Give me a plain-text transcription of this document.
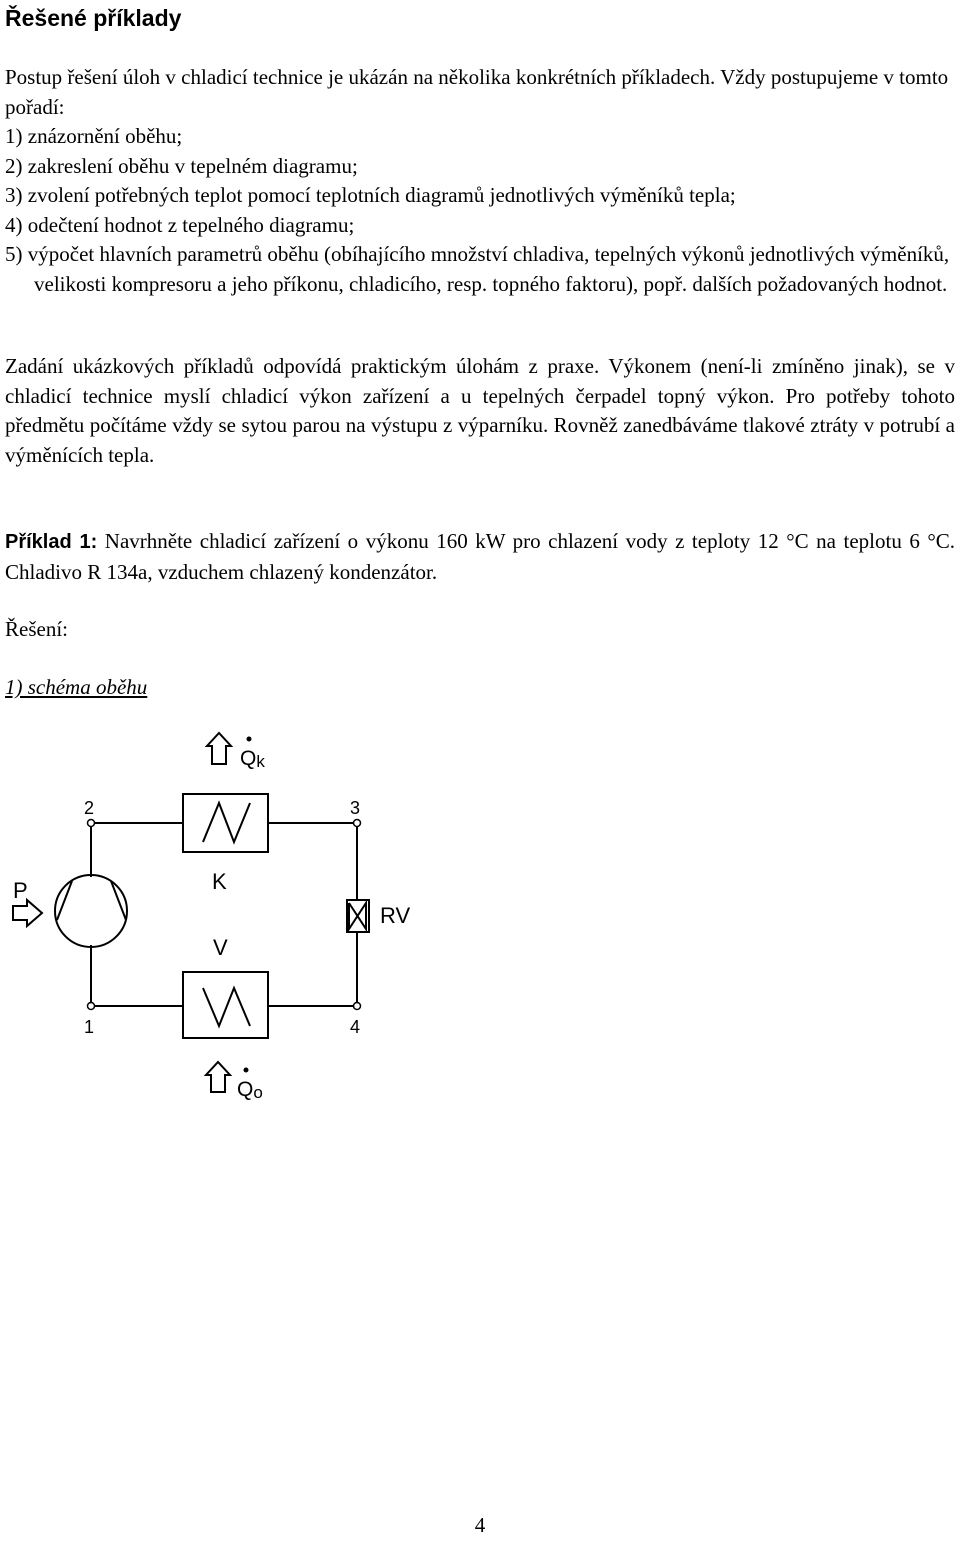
Řešené příklady

Postup řešení úloh v chladicí technice je ukázán na několika konkrétních příkladech. Vždy postupujeme v tomto pořadí:

1) znázornění oběhu;
2) zakreslení oběhu v tepelném diagramu;
3) zvolení potřebných teplot pomocí teplotních diagramů jednotlivých výměníků tepla;
4) odečtení hodnot z tepelného diagramu;
5) výpočet hlavních parametrů oběhu (obíhajícího množství chladiva, tepelných výkonů jednotlivých výměníků, velikosti kompresoru a jeho příkonu, chladicího, resp. topného faktoru), popř. dalších požadovaných hodnot.

Zadání ukázkových příkladů odpovídá praktickým úlohám z praxe. Výkonem (není-li zmíněno jinak), se v chladicí technice myslí chladicí výkon zařízení a u tepelných čerpadel topný výkon. Pro potřeby tohoto předmětu počítáme vždy se sytou parou na výstupu z výparníku. Rovněž zanedbáváme tlakové ztráty v potrubí a výměnících tepla.

Příklad 1: Navrhněte chladicí zařízení o výkonu 160 kW pro chlazení vody z teploty 12 °C na teplotu 6 °C. Chladivo R 134a, vzduchem chlazený kondenzátor.

Řešení:

1) schéma oběhu

Qk
Qo
2	3
1	4
P	K
V
RV
4
